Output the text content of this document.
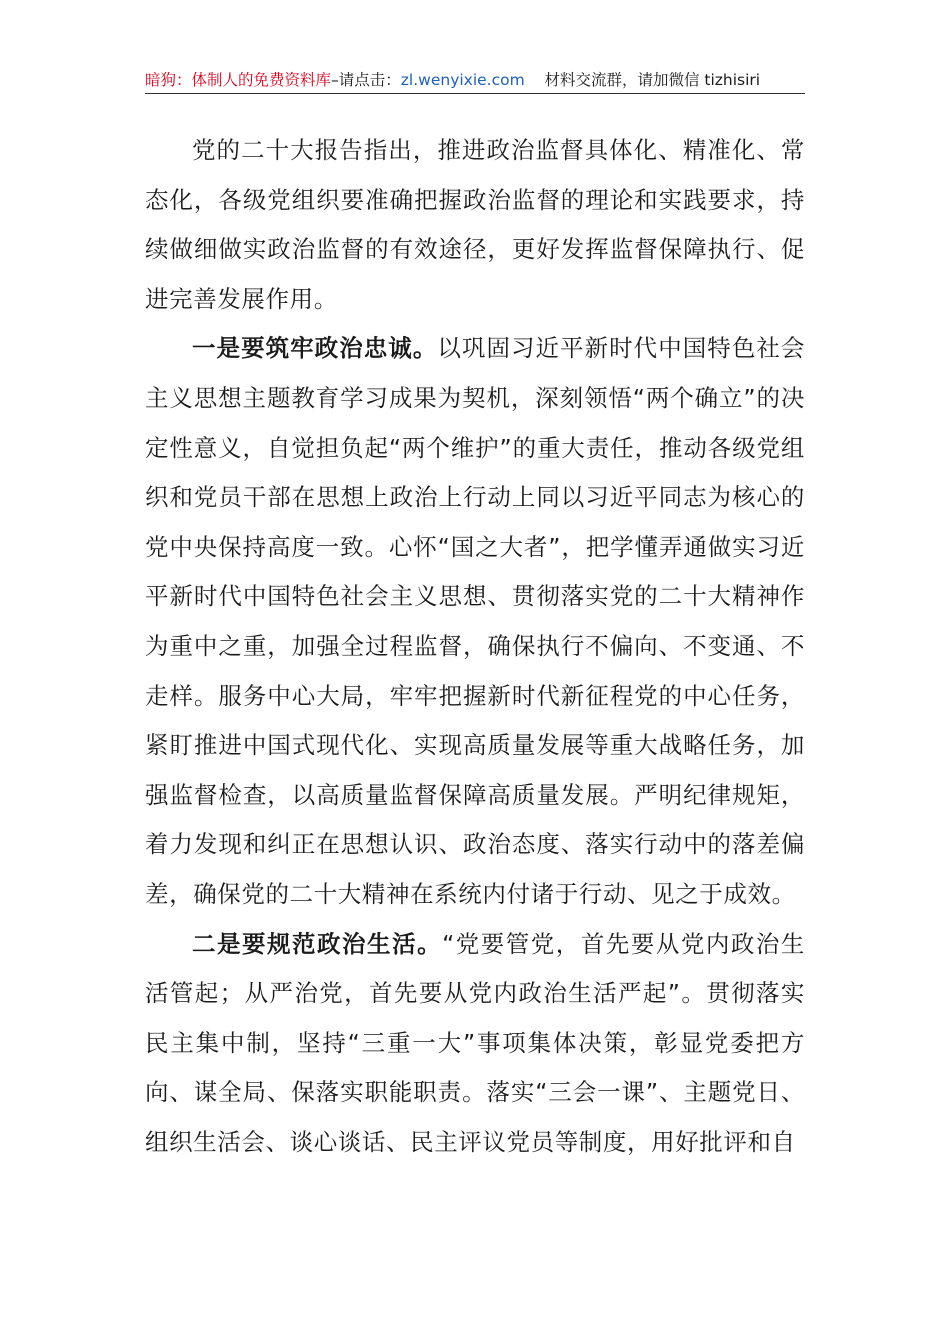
暗狗：体制人的免费资料库–请点击：zl.wenyixie.com 材料交流群，请加微信 tizhisiri

党的二十大报告指出，推进政治监督具体化、精准化、常态化，各级党组织要准确把握政治监督的理论和实践要求，持续做细做实政治监督的有效途径，更好发挥监督保障执行、促进完善发展作用。

一是要筑牢政治忠诚。以巩固习近平新时代中国特色社会主义思想主题教育学习成果为契机，深刻领悟“两个确立”的决定性意义，自觉担负起“两个维护”的重大责任，推动各级党组织和党员干部在思想上政治上行动上同以习近平同志为核心的党中央保持高度一致。心怀“国之大者”，把学懂弄通做实习近平新时代中国特色社会主义思想、贯彻落实党的二十大精神作为重中之重，加强全过程监督，确保执行不偏向、不变通、不走样。服务中心大局，牢牢把握新时代新征程党的中心任务，紧盯推进中国式现代化、实现高质量发展等重大战略任务，加强监督检查，以高质量监督保障高质量发展。严明纪律规矩，着力发现和纠正在思想认识、政治态度、落实行动中的落差偏差，确保党的二十大精神在系统内付诸于行动、见之于成效。

二是要规范政治生活。“党要管党，首先要从党内政治生活管起；从严治党，首先要从党内政治生活严起”。贯彻落实民主集中制，坚持“三重一大”事项集体决策，彰显党委把方向、谋全局、保落实职能职责。落实“三会一课”、主题党日、组织生活会、谈心谈话、民主评议党员等制度，用好批评和自
